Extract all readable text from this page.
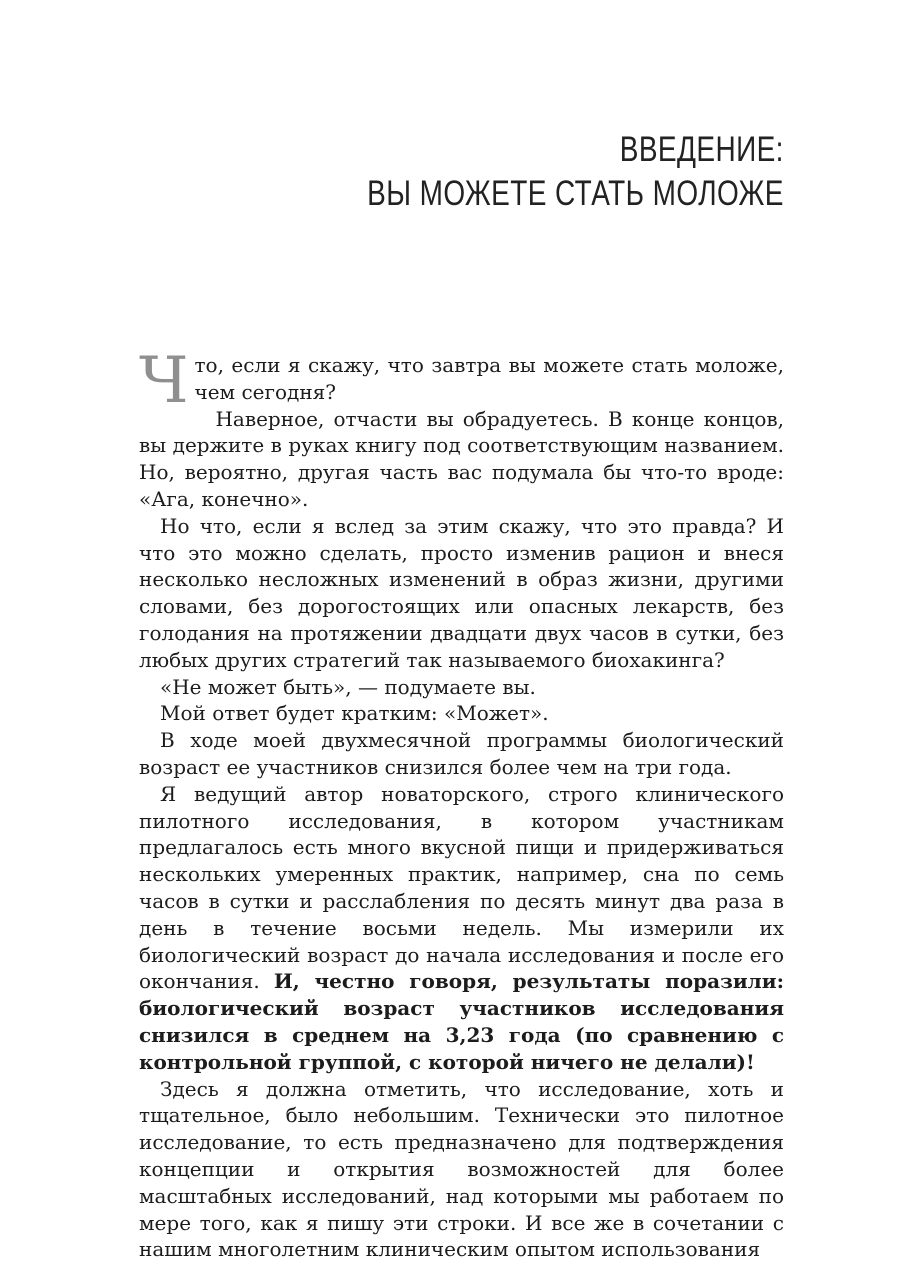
ВВЕДЕНИЕ:
ВЫ МОЖЕТЕ СТАТЬ МОЛОЖЕ

Что, если я скажу, что завтра вы можете стать моложе, чем сегодня?

Наверное, отчасти вы обрадуетесь. В конце концов, вы держите в руках книгу под соответствующим названием. Но, вероятно, другая часть вас подумала бы что-то вроде: «Ага, конечно».

Но что, если я вслед за этим скажу, что это правда? И что это можно сделать, просто изменив рацион и внеся несколько несложных изменений в образ жизни, другими словами, без дорогостоящих или опасных лекарств, без голодания на протяжении двадцати двух часов в сутки, без любых других стратегий так называемого биохакинга?

«Не может быть», — подумаете вы.

Мой ответ будет кратким: «Может».

В ходе моей двухмесячной программы биологический возраст ее участников снизился более чем на три года.

Я ведущий автор новаторского, строго клинического пилотного исследования, в котором участникам предлагалось есть много вкусной пищи и придерживаться нескольких умеренных практик, например, сна по семь часов в сутки и расслабления по десять минут два раза в день в течение восьми недель. Мы измерили их биологический возраст до начала исследования и после его окончания. И, честно говоря, результаты поразили: биологический возраст участников исследования снизился в среднем на 3,23 года (по сравнению с контрольной группой, с которой ничего не делали)!

Здесь я должна отметить, что исследование, хоть и тщательное, было небольшим. Технически это пилотное исследование, то есть предназначено для подтверждения концепции и открытия возможностей для более масштабных исследований, над которыми мы работаем по мере того, как я пишу эти строки. И все же в сочетании с нашим многолетним клиническим опытом использования
